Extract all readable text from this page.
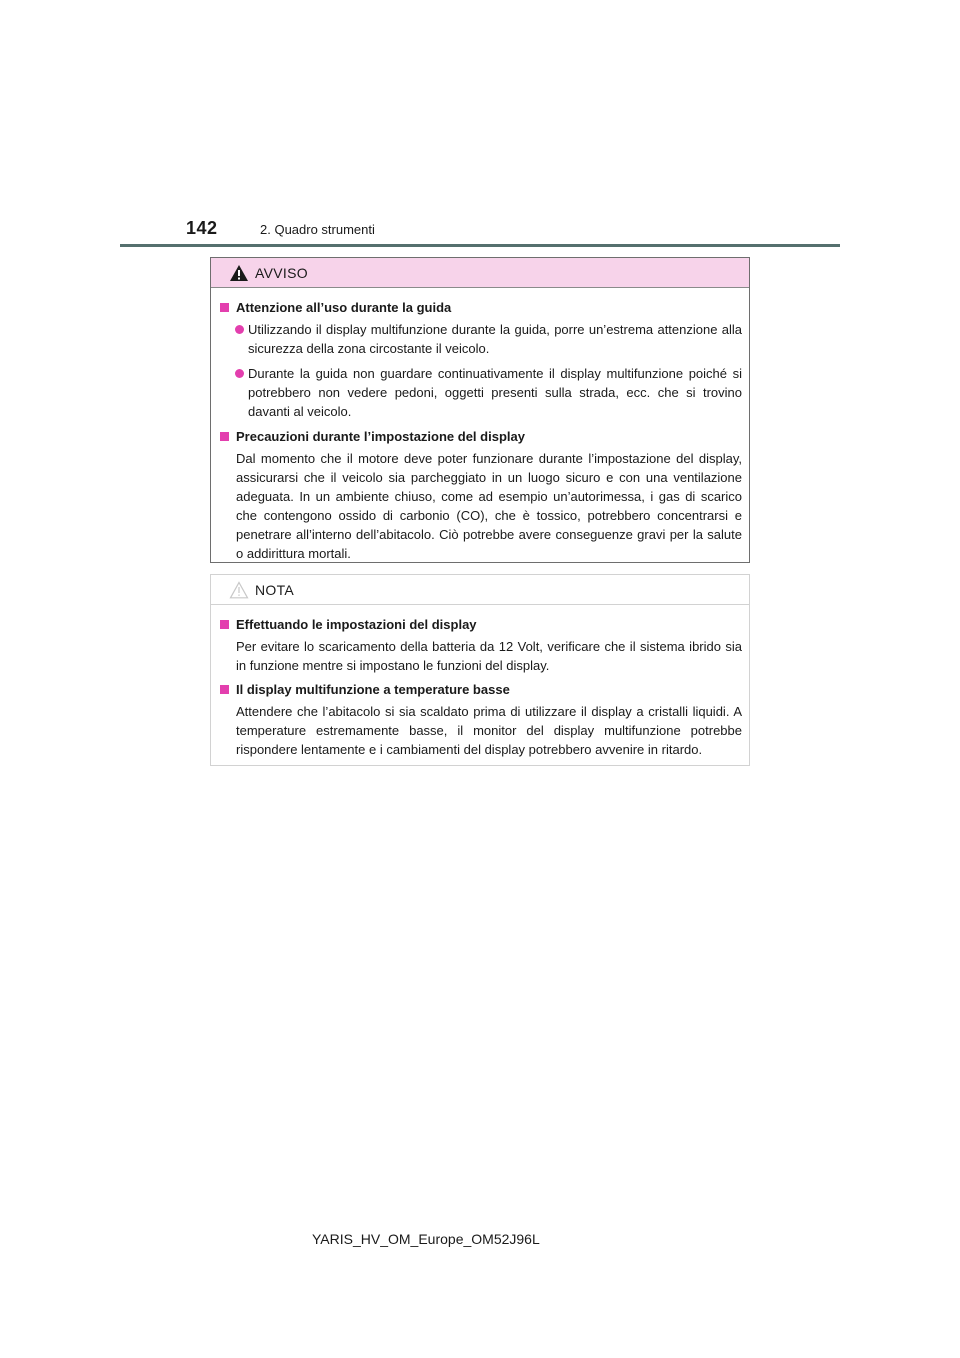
142	2. Quadro strumenti
AVVISO
Attenzione all’uso durante la guida
Utilizzando il display multifunzione durante la guida, porre un’estrema attenzione alla sicurezza della zona circostante il veicolo.
Durante la guida non guardare continuativamente il display multifunzione poiché si potrebbero non vedere pedoni, oggetti presenti sulla strada, ecc. che si trovino davanti al veicolo.
Precauzioni durante l’impostazione del display
Dal momento che il motore deve poter funzionare durante l’impostazione del display, assicurarsi che il veicolo sia parcheggiato in un luogo sicuro e con una ventilazione adeguata. In un ambiente chiuso, come ad esempio un’autorimessa, i gas di scarico che contengono ossido di carbonio (CO), che è tossico, potrebbero concentrarsi e penetrare all’interno dell’abitacolo. Ciò potrebbe avere conseguenze gravi per la salute o addirittura mortali.
NOTA
Effettuando le impostazioni del display
Per evitare lo scaricamento della batteria da 12 Volt, verificare che il sistema ibrido sia in funzione mentre si impostano le funzioni del display.
Il display multifunzione a temperature basse
Attendere che l’abitacolo si sia scaldato prima di utilizzare il display a cristalli liquidi. A temperature estremamente basse, il monitor del display multifunzione potrebbe rispondere lentamente e i cambiamenti del display potrebbero avvenire in ritardo.
YARIS_HV_OM_Europe_OM52J96L
